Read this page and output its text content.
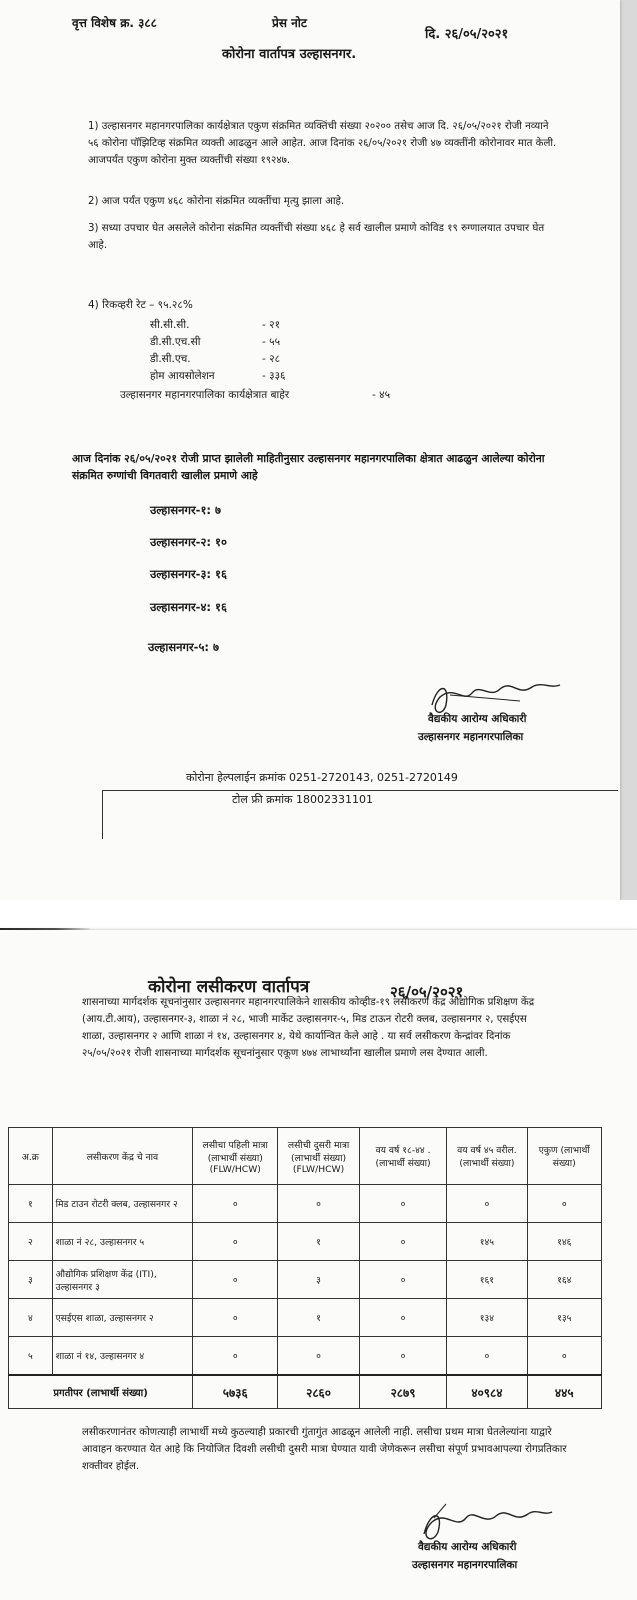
वृत्त विशेष क्र. ३८८	प्रेस नोट
दि. २६/०५/२०२१
कोरोना वार्तापत्र उल्हासनगर.
1) उल्हासनगर महानगरपालिका कार्यक्षेत्रात एकुण संक्रमित व्यक्तिंची संख्या २०२०० तसेच आज दि. २६/०५/२०२१ रोजी नव्याने ५६ कोरोना पॉझिटिव्ह संक्रमित व्यक्ती आढळुन आले आहेत. आज दिनांक २६/०५/२०२१ रोजी ४७ व्यक्तींनी कोरोनावर मात केली. आजपर्यंत एकुण कोरोना मुक्त व्यक्तींची संख्या १९२४७.
2) आज पर्यंत एकुण ४६८ कोरोना संक्रमित व्यक्तींचा मृत्यु झाला आहे.
3) सध्या उपचार घेत असलेले कोरोना संक्रमित व्यक्तींची संख्या ४६८ हे सर्व खालील प्रमाणे कोविड १९ रुग्णालयात उपचार घेत आहे.
4) रिकव्हरी रेट – ९५.२८%
सी.सी.सी.	- २१
डी.सी.एच.सी	- ५५
डी.सी.एच.	- २८
होम आयसोलेशन	- ३३६
उल्हासनगर महानगरपालिका कार्यक्षेत्रात बाहेर	- ४५
आज दिनांक २६/०५/२०२१ रोजी प्राप्त झालेली माहितीनुसार उल्हासनगर महानगरपालिका क्षेत्रात आढळुन आलेल्या कोरोना संक्रमित रुग्णांची विगतवारी खालील प्रमाणे आहे
उल्हासनगर-१: ७
उल्हासनगर-२: १०
उल्हासनगर-३: १६
उल्हासनगर-४: १६
उल्हासनगर-५: ७
वैद्यकीय आरोग्य अधिकारी
उल्हासनगर महानगरपालिका
कोरोना हेल्पलाईन क्रमांक 0251-2720143, 0251-2720149
टोल फ्री क्रमांक 18002331101
कोरोना लसीकरण वार्तापत्र	२६/०५/२०२१
शासनाच्या मार्गदर्शक सूचनांनुसार उल्हासनगर महानगरपालिकेने शासकीय कोव्हीड-१९ लसीकरण केंद्र औद्योगिक प्रशिक्षण केंद्र (आय.टी.आय), उल्हासनगर-३, शाळा नं २८, भाजी मार्केट उल्हासनगर-५, मिड टाऊन रोटरी क्लब, उल्हासनगर २, एसईएस शाळा, उल्हासनगर २ आणि शाळा नं १४, उल्हासनगर ४, येथे कार्यान्वित केले आहे . या सर्व लसीकरण केन्द्रांवर दिनांक २५/०५/२०२१ रोजी शासनाच्या मार्गदर्शक सूचनांनुसार एकूण ४७४ लाभार्थ्यांना खालील प्रमाणे लस देण्यात आली.
अ.क्र	लसीकरण केंद्र चे नाव	लसीचा पहिली मात्रा (लाभार्थी संख्या) (FLW/HCW)	लसीची दुसरी मात्रा (लाभार्थी संख्या) (FLW/HCW)	वय वर्ष १८-४४ . (लाभार्थी संख्या)	वय वर्ष ४५ वरील. (लाभार्थी संख्या)	एकुण (लाभार्थी संख्या)
१	मिड टाउन रोटरी क्लब, उल्हासनगर २	०	०	०	०	०
२	शाळा नं २८, उल्हासनगर ५	०	१	०	१४५	१४६
३	औद्योगिक प्रशिक्षण केंद्र (ITI), उल्हासनगर ३	०	३	०	१६१	१६४
४	एसईएस शाळा, उल्हासनगर २	०	१	०	१३४	१३५
५	शाळा नं १४, उल्हासनगर ४	०	०	०	०	०
प्रगतीपर (लाभार्थी संख्या)		५७३६	२८६०	२८७९	४०९८४	४४५
लसीकरणानंतर कोणत्याही लाभार्थी मध्ये कुठल्याही प्रकारची गुंतागुंत आढळून आलेली नाही. लसीचा प्रथम मात्रा घेतलेल्यांना याद्वारे आवाहन करण्यात येत आहे कि नियोजित दिवशी लसीची दुसरी मात्रा घेण्यात यावी जेणेकरून लसीचा संपूर्ण प्रभावआपल्या रोगप्रतिकार शक्तीवर होईल.
वैद्यकीय आरोग्य अधिकारी
उल्हासनगर महानगरपालिका
